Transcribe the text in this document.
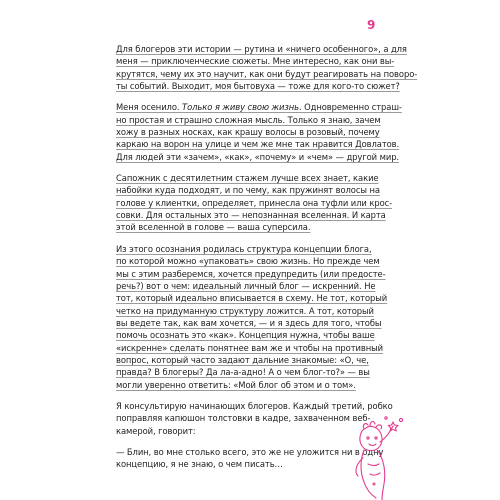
9

Для блогеров эти истории — рутина и «ничего особенного», а для
меня — приключенческие сюжеты. Мне интересно, как они вы-
крутятся, чему их это научит, как они будут реагировать на поворо-
ты событий. Выходит, моя бытовуха — тоже для кого-то сюжет?

Меня осенило. Только я живу свою жизнь. Одновременно страш-
но простая и страшно сложная мысль. Только я знаю, зачем
хожу в разных носках, как крашу волосы в розовый, почему
каркаю на ворон на улице и чем же мне так нравится Довлатов.
Для людей эти «зачем», «как», «почему» и «чем» — другой мир.

Сапожник с десятилетним стажем лучше всех знает, какие
набойки куда подходят, и по чему, как пружинят волосы на
голове у клиентки, определяет, принесла она туфли или крос-
совки. Для остальных это — непознанная вселенная. И карта
этой вселенной в голове — ваша суперсила.

Из этого осознания родилась структура концепции блога,
по которой можно «упаковать» свою жизнь. Но прежде чем
мы с этим разберемся, хочется предупредить (или предосте-
речь?) вот о чем: идеальный личный блог — искренний. Не
тот, который идеально вписывается в схему. Не тот, который
четко на придуманную структуру ложится. А тот, который
вы ведете так, как вам хочется, — и я здесь для того, чтобы
помочь осознать это «как». Концепция нужна, чтобы ваше
«искренне» сделать понятнее вам же и чтобы на противный
вопрос, который часто задают дальние знакомые: «О, че,
правда? В блогеры? Да ла-а-адно! А о чем блог-то?» — вы
могли уверенно ответить: «Мой блог об этом и о том».

Я консультирую начинающих блогеров. Каждый третий, робко
поправляя капюшон толстовки в кадре, захваченном веб-
камерой, говорит:

— Блин, во мне столько всего, это же не уложится ни в одну
концепцию, я не знаю, о чем писать…
